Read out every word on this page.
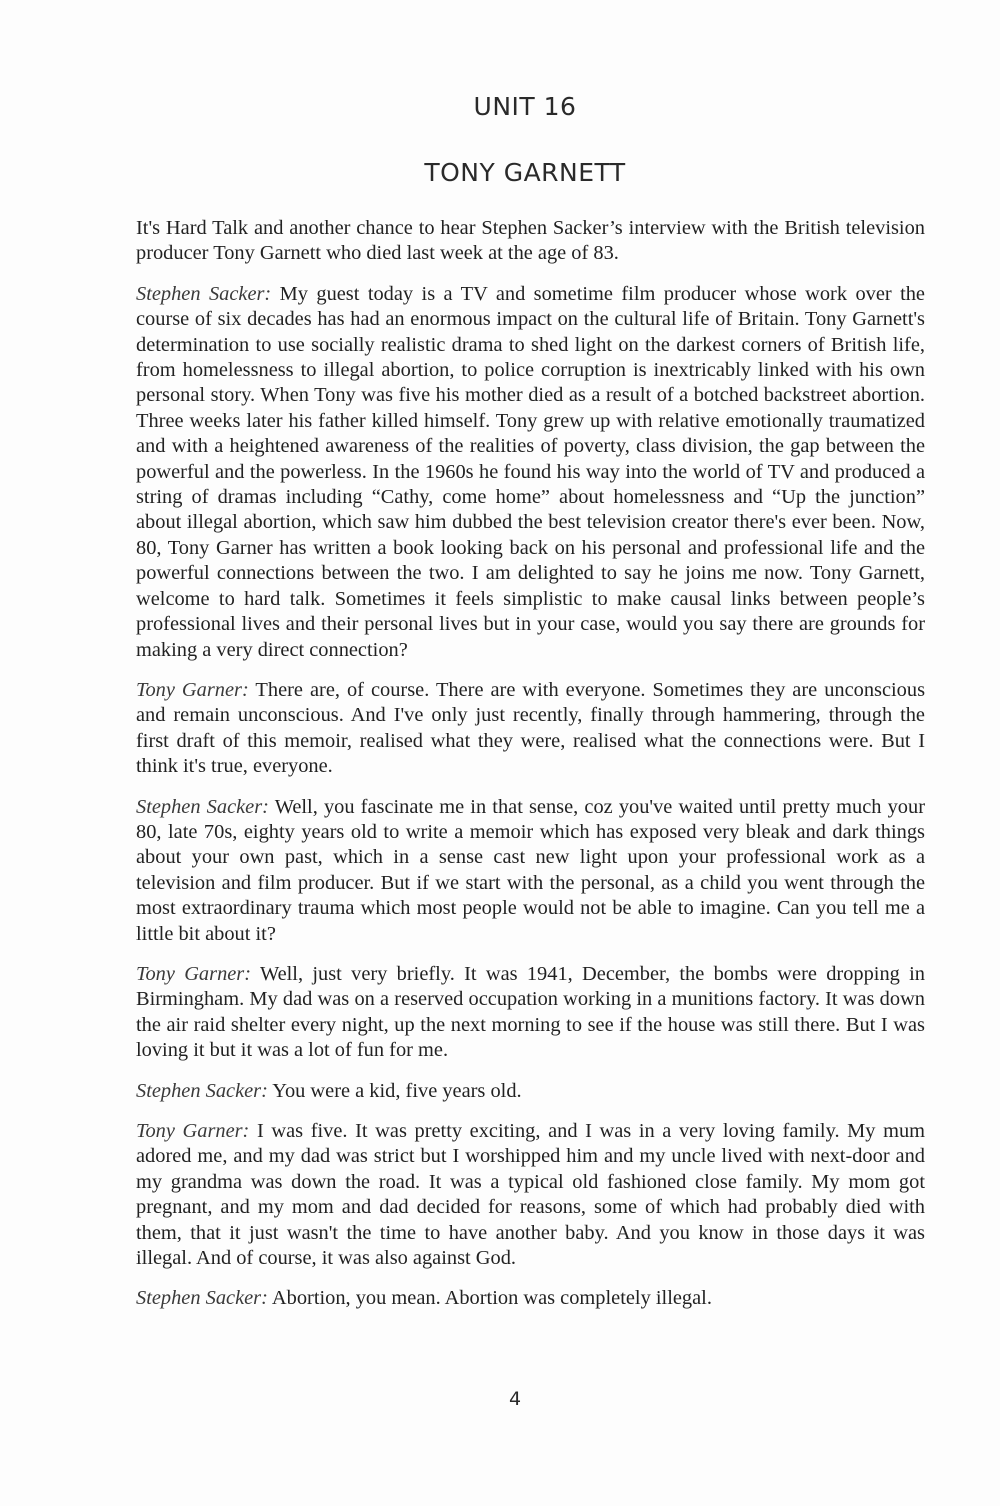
UNIT 16
TONY GARNETT

It's Hard Talk and another chance to hear Stephen Sacker’s interview with the British television producer Tony Garnett who died last week at the age of 83.

Stephen Sacker: My guest today is a TV and sometime film producer whose work over the course of six decades has had an enormous impact on the cultural life of Britain. Tony Garnett's determination to use socially realistic drama to shed light on the darkest corners of British life, from homelessness to illegal abortion, to police corruption is inextricably linked with his own personal story. When Tony was five his mother died as a result of a botched backstreet abortion. Three weeks later his father killed himself. Tony grew up with relative emotionally traumatized and with a heightened awareness of the realities of poverty, class division, the gap between the powerful and the powerless. In the 1960s he found his way into the world of TV and produced a string of dramas including “Cathy, come home” about homelessness and “Up the junction” about illegal abortion, which saw him dubbed the best television creator there's ever been. Now, 80, Tony Garner has written a book looking back on his personal and professional life and the powerful connections between the two. I am delighted to say he joins me now. Tony Garnett, welcome to hard talk. Sometimes it feels simplistic to make causal links between people’s professional lives and their personal lives but in your case, would you say there are grounds for making a very direct connection?

Tony Garner: There are, of course. There are with everyone. Sometimes they are unconscious and remain unconscious. And I've only just recently, finally through hammering, through the first draft of this memoir, realised what they were, realised what the connections were. But I think it's true, everyone.

Stephen Sacker: Well, you fascinate me in that sense, coz you've waited until pretty much your 80, late 70s, eighty years old to write a memoir which has exposed very bleak and dark things about your own past, which in a sense cast new light upon your professional work as a television and film producer. But if we start with the personal, as a child you went through the most extraordinary trauma which most people would not be able to imagine. Can you tell me a little bit about it?

Tony Garner: Well, just very briefly. It was 1941, December, the bombs were dropping in Birmingham. My dad was on a reserved occupation working in a munitions factory. It was down the air raid shelter every night, up the next morning to see if the house was still there. But I was loving it but it was a lot of fun for me.

Stephen Sacker: You were a kid, five years old.

Tony Garner: I was five. It was pretty exciting, and I was in a very loving family. My mum adored me, and my dad was strict but I worshipped him and my uncle lived with next-door and my grandma was down the road. It was a typical old fashioned close family. My mom got pregnant, and my mom and dad decided for reasons, some of which had probably died with them, that it just wasn't the time to have another baby. And you know in those days it was illegal. And of course, it was also against God.

Stephen Sacker: Abortion, you mean. Abortion was completely illegal.

4
